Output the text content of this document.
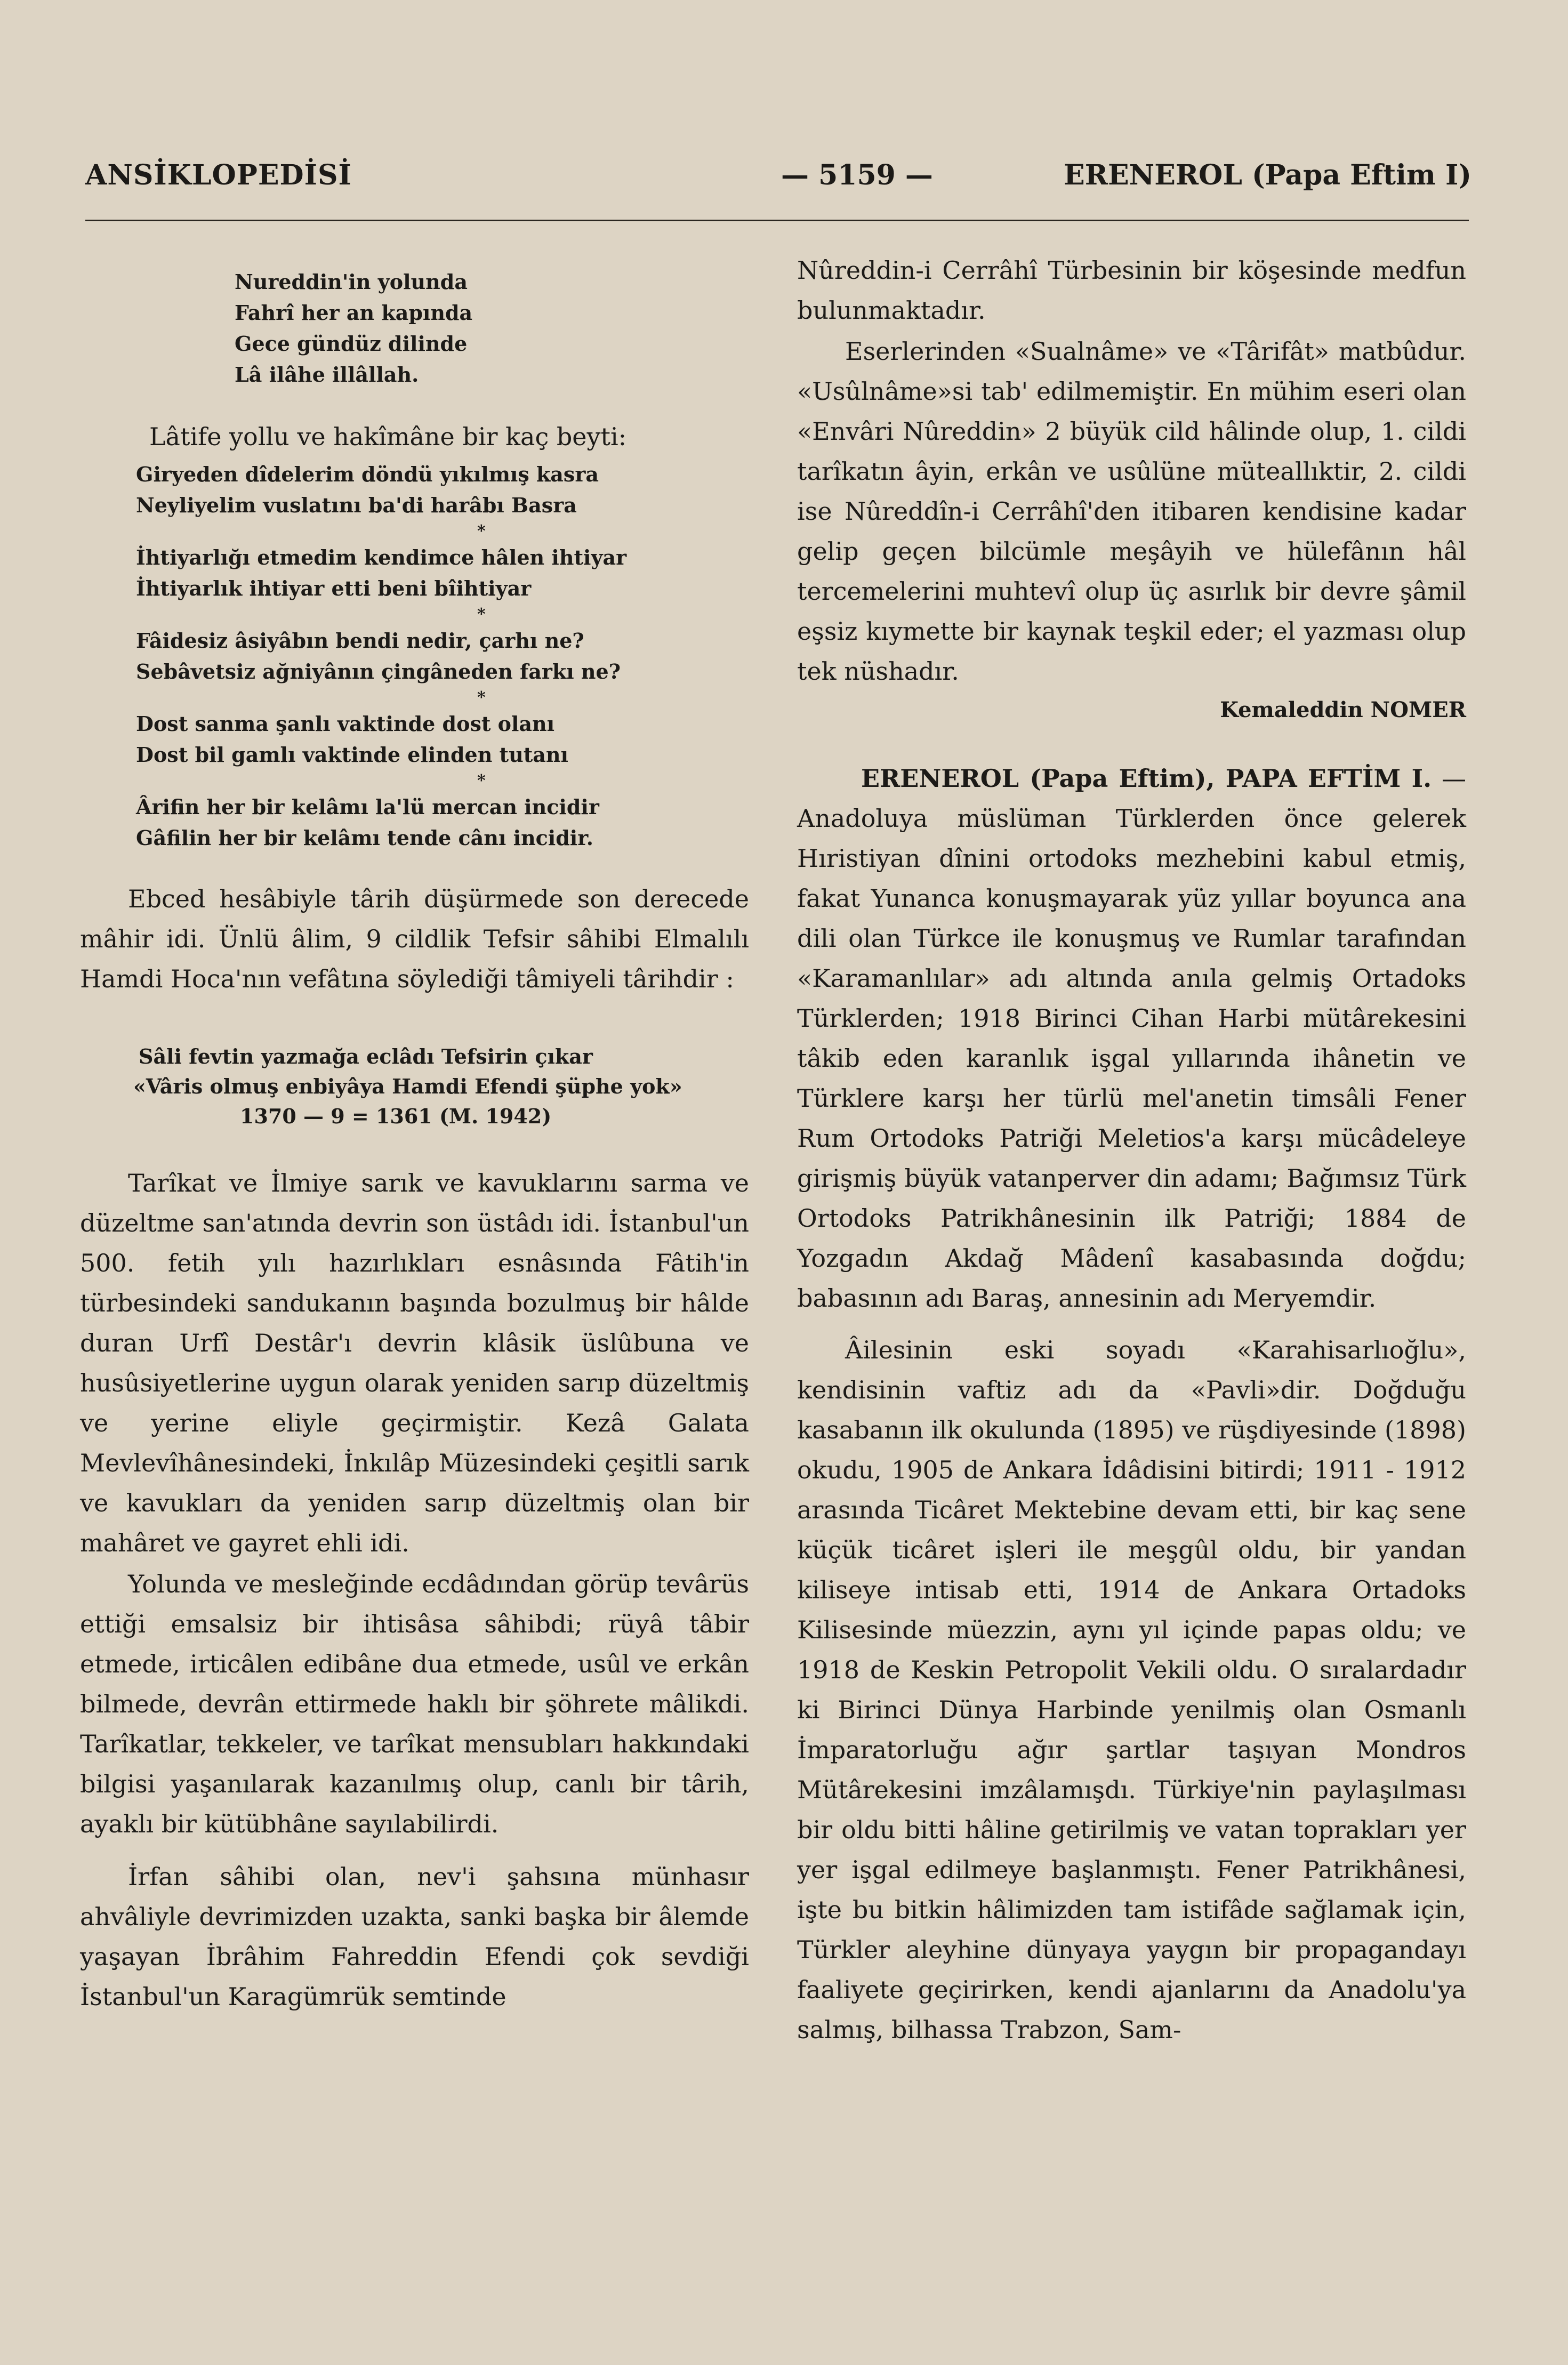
ANSİKLOPEDİSİ	— 5159 —	ERENEROL (Papa Eftim I)
Nureddin'in yolunda
Fahrî her an kapında
Gece gündüz dilinde
Lâ ilâhe illâllah.

Lâtife yollu ve hakîmâne bir kaç beyti:

Giryeden dîdelerim döndü yıkılmış kasra
Neyliyelim vuslatını ba'di harâbı Basra
*
İhtiyarlığı etmedim kendimce hâlen ihtiyar
İhtiyarlık ihtiyar etti beni bîihtiyar
*
Fâidesiz âsiyâbın bendi nedir, çarhı ne?
Sebâvetsiz ağniyânın çingâneden farkı ne?
*
Dost sanma şanlı vaktinde dost olanı
Dost bil gamlı vaktinde elinden tutanı
*
Ârifin her bir kelâmı la'lü mercan incidir
Gâfilin her bir kelâmı tende cânı incidir.

Ebced hesâbiyle târih düşürmede son derecede mâhir idi. Ünlü âlim, 9 cildlik Tefsir sâhibi Elmalılı Hamdi Hoca'nın vefâtına söylediği tâmiyeli târihdir :

Sâli fevtin yazmağa eclâdı Tefsirin çıkar
«Vâris olmuş enbiyâya Hamdi Efendi şüphe yok»
1370 — 9 = 1361 (M. 1942)

Tarîkat ve İlmiye sarık ve kavuklarını sarma ve düzeltme san'atında devrin son üstâdı idi. İstanbul'un 500. fetih yılı hazırlıkları esnâsında Fâtih'in türbesindeki sandukanın başında bozulmuş bir hâlde duran Urfî Destâr'ı devrin klâsik üslûbuna ve husûsiyetlerine uygun olarak yeniden sarıp düzeltmiş ve yerine eliyle geçirmiştir. Kezâ Galata Mevlevîhânesindeki, İnkılâp Müzesindeki çeşitli sarık ve kavukları da yeniden sarıp düzeltmiş olan bir mahâret ve gayret ehli idi.

Yolunda ve mesleğinde ecdâdından görüp tevârüs ettiği emsalsiz bir ihtisâsa sâhibdi; rüyâ tâbir etmede, irticâlen edibâne dua etmede, usûl ve erkân bilmede, devrân ettirmede haklı bir şöhrete mâlikdi. Tarîkatlar, tekkeler, ve tarîkat mensubları hakkındaki bilgisi yaşanılarak kazanılmış olup, canlı bir târih, ayaklı bir kütübhâne sayılabilirdi.

İrfan sâhibi olan, nev'i şahsına münhasır ahvâliyle devrimizden uzakta, sanki başka bir âlemde yaşayan İbrâhim Fahreddin Efendi çok sevdiği İstanbul'un Karagümrük semtinde

Nûreddin-i Cerrâhî Türbesinin bir köşesinde medfun bulunmaktadır.

Eserlerinden «Sualnâme» ve «Târifât» matbûdur. «Usûlnâme»si tab' edilmemiştir. En mühim eseri olan «Envâri Nûreddin» 2 büyük cild hâlinde olup, 1. cildi tarîkatın âyin, erkân ve usûlüne müteallıktir, 2. cildi ise Nûreddîn-i Cerrâhî'den itibaren kendisine kadar gelip geçen bilcümle meşâyih ve hülefânın hâl tercemelerini muhtevî olup üç asırlık bir devre şâmil eşsiz kıymette bir kaynak teşkil eder; el yazması olup tek nüshadır.

Kemaleddin NOMER

ERENEROL (Papa Eftim), PAPA EFTİM I. — Anadoluya müslüman Türklerden önce gelerek Hıristiyan dînini ortodoks mezhebini kabul etmiş, fakat Yunanca konuşmayarak yüz yıllar boyunca ana dili olan Türkce ile konuşmuş ve Rumlar tarafından «Karamanlılar» adı altında anıla gelmiş Ortadoks Türklerden; 1918 Birinci Cihan Harbi mütârekesini tâkib eden karanlık işgal yıllarında ihânetin ve Türklere karşı her türlü mel'anetin timsâli Fener Rum Ortodoks Patriği Meletios'a karşı mücâdeleye girişmiş büyük vatanperver din adamı; Bağımsız Türk Ortodoks Patrikhânesinin ilk Patriği; 1884 de Yozgadın Akdağ Mâdenî kasabasında doğdu; babasının adı Baraş, annesinin adı Meryemdir.

Âilesinin eski soyadı «Karahisarlıoğlu», kendisinin vaftiz adı da «Pavli»dir. Doğduğu kasabanın ilk okulunda (1895) ve rüşdiyesinde (1898) okudu, 1905 de Ankara İdâdisini bitirdi; 1911 - 1912 arasında Ticâret Mektebine devam etti, bir kaç sene küçük ticâret işleri ile meşgûl oldu, bir yandan kiliseye intisab etti, 1914 de Ankara Ortadoks Kilisesinde müezzin, aynı yıl içinde papas oldu; ve 1918 de Keskin Petropolit Vekili oldu. O sıralardadır ki Birinci Dünya Harbinde yenilmiş olan Osmanlı İmparatorluğu ağır şartlar taşıyan Mondros Mütârekesini imzâlamışdı. Türkiye'nin paylaşılması bir oldu bitti hâline getirilmiş ve vatan toprakları yer yer işgal edilmeye başlanmıştı. Fener Patrikhânesi, işte bu bitkin hâlimizden tam istifâde sağlamak için, Türkler aleyhine dünyaya yaygın bir propagandayı faaliyete geçirirken, kendi ajanlarını da Anadolu'ya salmış, bilhassa Trabzon, Sam-
